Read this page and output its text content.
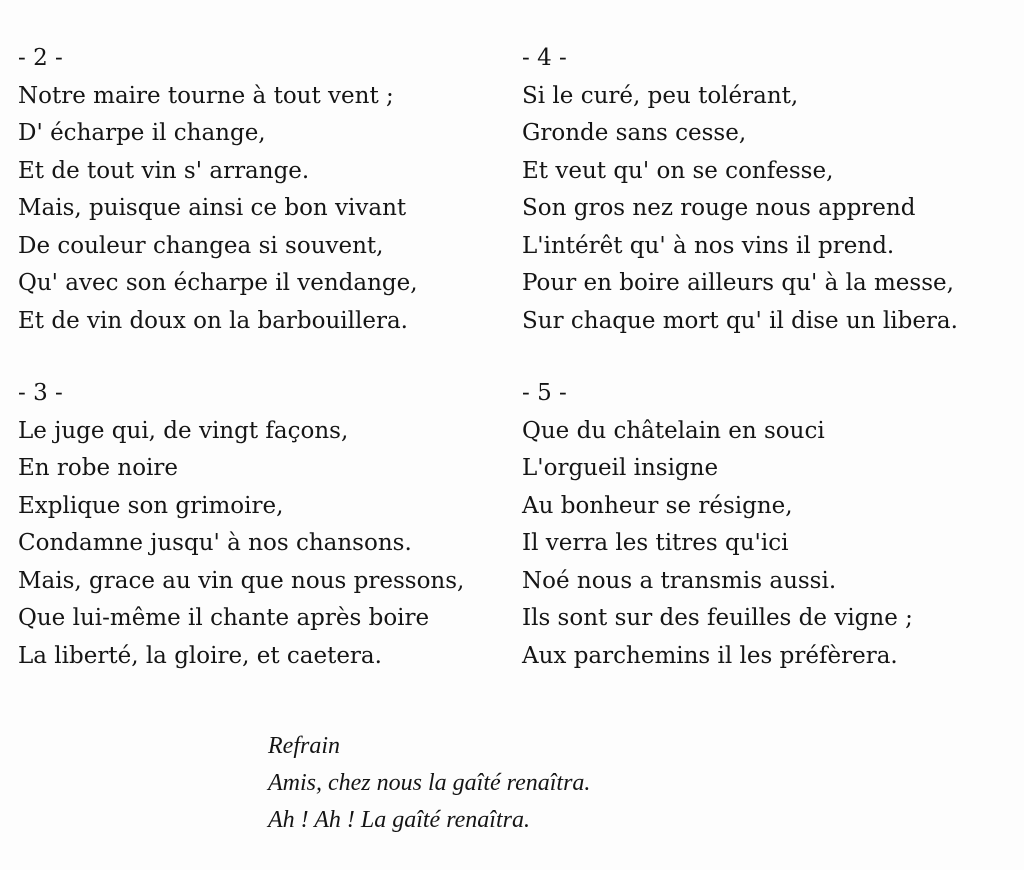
- 2 -
Notre maire tourne à tout vent ;
D' écharpe il change,
Et de tout vin s' arrange.
Mais, puisque ainsi ce bon vivant
De couleur changea si souvent,
Qu' avec son écharpe il vendange,
Et de vin doux on la barbouillera.
- 4 -
Si le curé, peu tolérant,
Gronde sans cesse,
Et veut qu' on se confesse,
Son gros nez rouge nous apprend
L'intérêt qu' à nos vins il prend.
Pour en boire ailleurs qu' à la messe,
Sur chaque mort qu' il dise un libera.
- 3 -
Le juge qui, de vingt façons,
En robe noire
Explique son grimoire,
Condamne jusqu' à nos chansons.
Mais, grace au vin que nous pressons,
Que lui-même il chante après boire
La liberté, la gloire, et caetera.
- 5 -
Que du châtelain en souci
L'orgueil insigne
Au bonheur se résigne,
Il verra les titres qu'ici
Noé nous a transmis aussi.
Ils sont sur des feuilles de vigne ;
Aux parchemins il les préfèrera.
Refrain
Amis, chez nous la gaîté renaîtra.
Ah ! Ah ! La gaîté renaîtra.
